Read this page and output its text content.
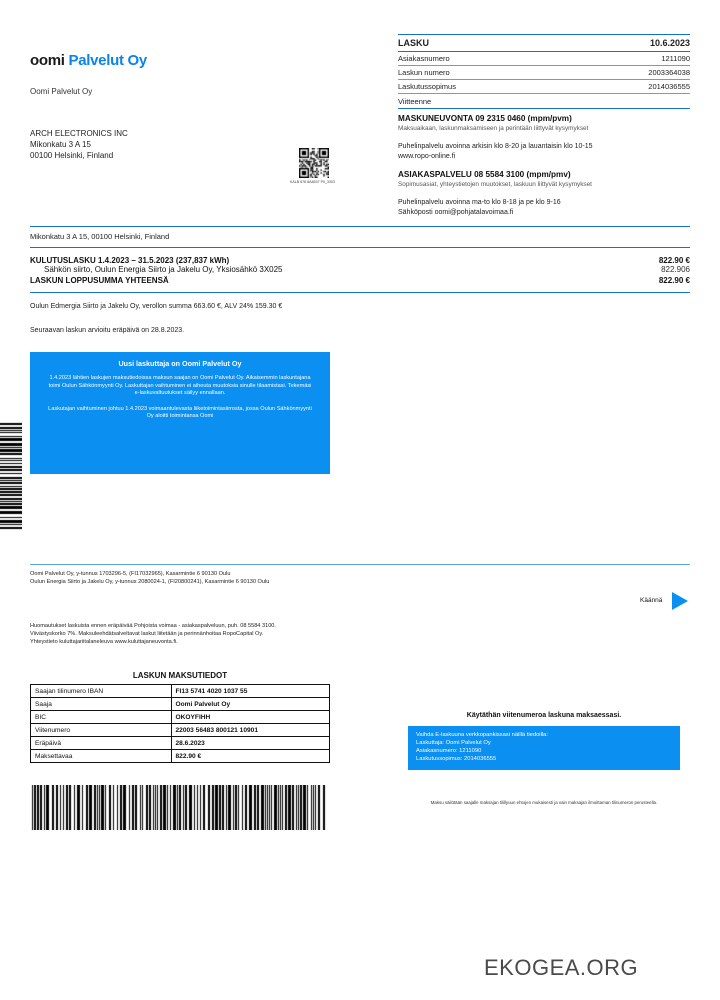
oomi Palvelut Oy
Oomi Palvelut Oy
ARCH ELECTRONICS INC
Mikonkatu 3 A 15
00100 Helsinki, Finland
KALB 678 8A8537 P0_3303
LASKU	10.6.2023
Asiakasnumero	1211090
Laskun numero	2003364038
Laskutussopimus	2014036555
Viitteenne
MASKUNEUVONTA 09 2315 0460 (mpm/pvm)
Maksuaikaan, laskunmaksamiseen ja perintään liittyvät kysymykset
Puhelinpalvelu avoinna arkisin klo 8-20 ja lauantaisin klo 10-15
www.ropo-online.fi
ASIAKASPALVELU 08 5584 3100 (mpm/pmv)
Sopimusasiat, yhteystietojen muutokset, laskuun liittyvät kysymykset
Puhelinpalvelu avoinna ma-to klo 8-18 ja pe klo 9-16
Sähköposti oomi@pohjatalavoimaa.fi
Mikonkatu 3 A 15, 00100 Helsinki, Finland
KULUTUSLASKU 1.4.2023 – 31.5.2023 (237,837 kWh)	822.90 €
Sähkön siirto, Oulun Energia Siirto ja Jakelu Oy, Yksiosähkö 3X025	822.906
LASKUN LOPPUSUMMA YHTEENSÄ	822.90 €
Oulun Edmergia Siirto ja Jakelu Oy, verollon summa 663.60 €, ALV 24% 159.30 €
Seuraavan laskun arvioitu eräpäivä on 28.8.2023.
Uusi laskuttaja on Oomi Palvelut Oy

1.4.2023 lähtien laskujen maksutiedoissa maksun saajan on Oomi Palvelut Oy. Aikaisemmin laskuntajana toimi Oulun Sähkönmyynti Oy. Laskuttajan vaihtuminen ei aiheuta muutoksia sinulle tilaamistasi. Tekemäsi e-laskuvaltuutukset säilyy ennallaan.

Laskutajan vaihtuminen johtuu 1.4.2023 voimaantulevasta liiketoimintasiirrosta, jossa Oulun Sähkönmyynti Oy aloitti toimintansa Oomi

Oomi Palvelut Oy, y-tunnus 1703296-5, (FI17032965), Kasarmintie 6 90130 Oulu
Oulun Energia Siirto ja Jakelu Oy, y-tunnus 2080024-1, (FI20800241), Kasarmintie 6 90130 Oulu
Huomautukset laskuista ennen eräpäivää Pohjoista voimaa - asiakaspalveluun, puh. 08 5584 3100.
Viivästyskorko 7%. Maksuleehdätsalveltavat laskut liitetään ja perinnänhoitaa RopoCapital Oy.
Yhteystieto kuluttajariitalaneleuva www.kuluttajaneuvonta.fi.
Käännä
LASKUN MAKSUTIEDOT
Saajan tilinumero IBAN	FI13 5741 4020 1037 55
Saaja	Oomi Palvelut Oy
BIC	OKOYFIHH
Viitenumero	22003 56483 800121 10901
Eräpäivä	28.6.2023
Maksettavaa	822.90 €
Käytäthän viitenumeroa laskuna maksaessasi.
Vaihda E-laskuuna verkkopankissasi näillä tiedoilla:
Laskuttaja: Oomi Palvelut Oy
Asiakasnumero: 1211090
Laskutussopimus: 2014036555
Maksu säilötään saajalle maksajan tilillyuun ehtojen mukaisesti ja vain maksajan ilmoittaman tilinumeron perusteella.
EKOGEA.ORG
